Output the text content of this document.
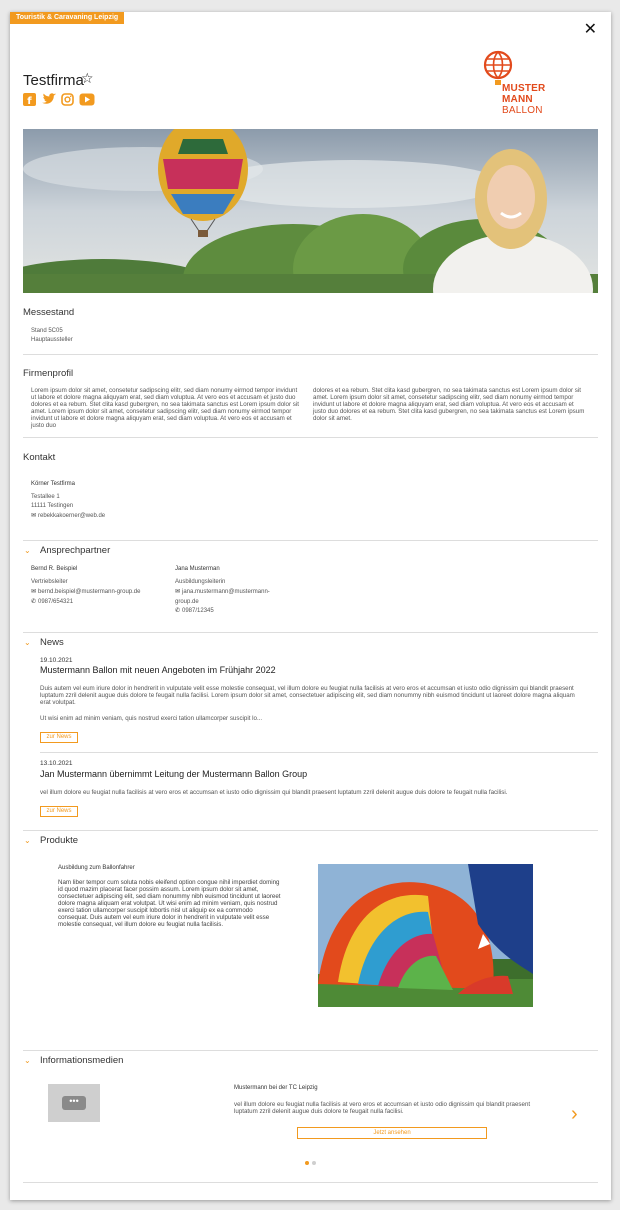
Touristik & Caravaning Leipzig
✕
Testfirma
☆
f
MUSTER
MANN
BALLON
Messestand
Stand 5C05
Hauptaussteller
Firmenprofil
Lorem ipsum dolor sit amet, consetetur sadipscing elitr, sed diam nonumy eirmod tempor invidunt ut labore et dolore magna aliquyam erat, sed diam voluptua. At vero eos et accusam et justo duo dolores et ea rebum. Stet clita kasd gubergren, no sea takimata sanctus est Lorem ipsum dolor sit amet. Lorem ipsum dolor sit amet, consetetur sadipscing elitr, sed diam nonumy eirmod tempor invidunt ut labore et dolore magna aliquyam erat, sed diam voluptua. At vero eos et accusam et justo duo
dolores et ea rebum. Stet clita kasd gubergren, no sea takimata sanctus est Lorem ipsum dolor sit amet. Lorem ipsum dolor sit amet, consetetur sadipscing elitr, sed diam nonumy eirmod tempor invidunt ut labore et dolore magna aliquyam erat, sed diam voluptua. At vero eos et accusam et justo duo dolores et ea rebum. Stet clita kasd gubergren, no sea takimata sanctus est Lorem ipsum dolor sit amet.
Kontakt
Körner Testfirma
Testallee 1
11111 Testingen
✉ rebekkakoerner@web.de
⌄ Ansprechpartner
Bernd R. Beispiel
Vertriebsleiter
✉ bernd.beispiel@mustermann-group.de
✆ 0987/654321
Jana Musterman
Ausbildungsleiterin
✉ jana.mustermann@mustermann-
group.de
✆ 0987/12345
⌄ News
19.10.2021
Mustermann Ballon mit neuen Angeboten im Frühjahr 2022
Duis autem vel eum iriure dolor in hendrerit in vulputate velit esse molestie consequat, vel illum dolore eu feugiat nulla facilisis at vero eros et accumsan et iusto odio dignissim qui blandit praesent luptatum zzril delenit augue duis dolore te feugait nulla facilisi. Lorem ipsum dolor sit amet, consectetuer adipiscing elit, sed diam nonummy nibh euismod tincidunt ut laoreet dolore magna aliquam erat volutpat.
Ut wisi enim ad minim veniam, quis nostrud exerci tation ullamcorper suscipit lo...
zur News
13.10.2021
Jan Mustermann übernimmt Leitung der Mustermann Ballon Group
vel illum dolore eu feugiat nulla facilisis at vero eros et accumsan et iusto odio dignissim qui blandit praesent luptatum zzril delenit augue duis dolore te feugait nulla facilisi.
zur News
⌄ Produkte
Ausbildung zum Ballonfahrer
Nam liber tempor cum soluta nobis eleifend option congue nihil imperdiet doming id quod mazim placerat facer possim assum. Lorem ipsum dolor sit amet, consectetuer adipiscing elit, sed diam nonummy nibh euismod tincidunt ut laoreet dolore magna aliquam erat volutpat. Ut wisi enim ad minim veniam, quis nostrud exerci tation ullamcorper suscipit lobortis nisl ut aliquip ex ea commodo consequat. Duis autem vel eum iriure dolor in hendrerit in vulputate velit esse molestie consequat, vel illum dolore eu feugiat nulla facilisis.
⌄ Informationsmedien
•••
Mustermann bei der TC Leipzig
vel illum dolore eu feugiat nulla facilisis at vero eros et accumsan et iusto odio dignissim qui blandit praesent luptatum zzril delenit augue duis dolore te feugait nulla facilisi.
Jetzt ansehen
›
